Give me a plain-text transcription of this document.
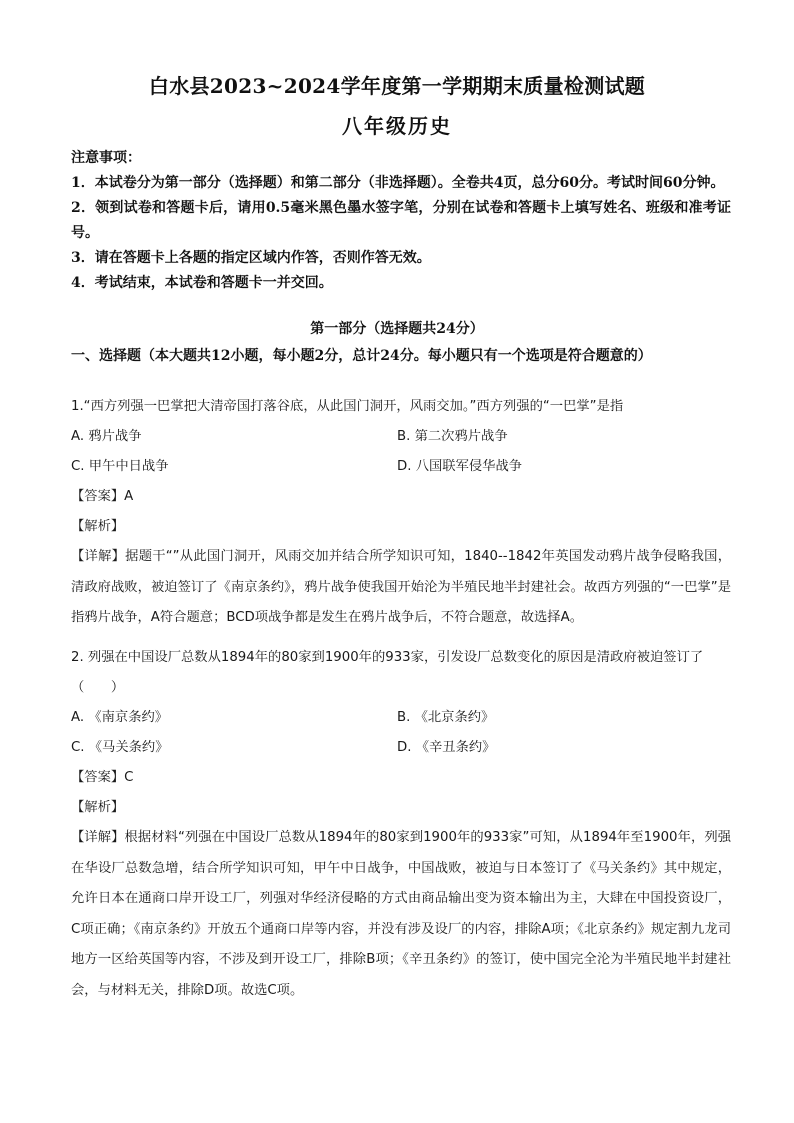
白水县2023~2024学年度第一学期期末质量检测试题
八年级历史

注意事项：

1．本试卷分为第一部分（选择题）和第二部分（非选择题）。全卷共4页，总分60分。考试时间60分钟。

2．领到试卷和答题卡后，请用0.5毫米黑色墨水签字笔，分别在试卷和答题卡上填写姓名、班级和准考证号。

3．请在答题卡上各题的指定区域内作答，否则作答无效。

4．考试结束，本试卷和答题卡一并交回。

第一部分（选择题共24分）
一、选择题（本大题共12小题，每小题2分，总计24分。每小题只有一个选项是符合题意的）

1.“西方列强一巴掌把大清帝国打落谷底，从此国门洞开，风雨交加。”西方列强的“一巴掌”是指

A. 鸦片战争	B. 第二次鸦片战争
C. 甲午中日战争	D. 八国联军侵华战争

【答案】A

【解析】

【详解】据题干“”从此国门洞开，风雨交加并结合所学知识可知，1840--1842年英国发动鸦片战争侵略我国，清政府战败，被迫签订了《南京条约》，鸦片战争使我国开始沦为半殖民地半封建社会。故西方列强的“一巴掌”是指鸦片战争，A符合题意；BCD项战争都是发生在鸦片战争后，不符合题意，故选择A。

2. 列强在中国设厂总数从1894年的80家到1900年的933家，引发设厂总数变化的原因是清政府被迫签订了（　　）

A. 《南京条约》	B. 《北京条约》
C. 《马关条约》	D. 《辛丑条约》

【答案】C

【解析】

【详解】根据材料“列强在中国设厂总数从1894年的80家到1900年的933家”可知，从1894年至1900年，列强在华设厂总数急增，结合所学知识可知，甲午中日战争，中国战败，被迫与日本签订了《马关条约》其中规定，允许日本在通商口岸开设工厂，列强对华经济侵略的方式由商品输出变为资本输出为主，大肆在中国投资设厂，C项正确；《南京条约》开放五个通商口岸等内容，并没有涉及设厂的内容，排除A项；《北京条约》规定割九龙司地方一区给英国等内容，不涉及到开设工厂，排除B项；《辛丑条约》的签订，使中国完全沦为半殖民地半封建社会，与材料无关，排除D项。故选C项。
